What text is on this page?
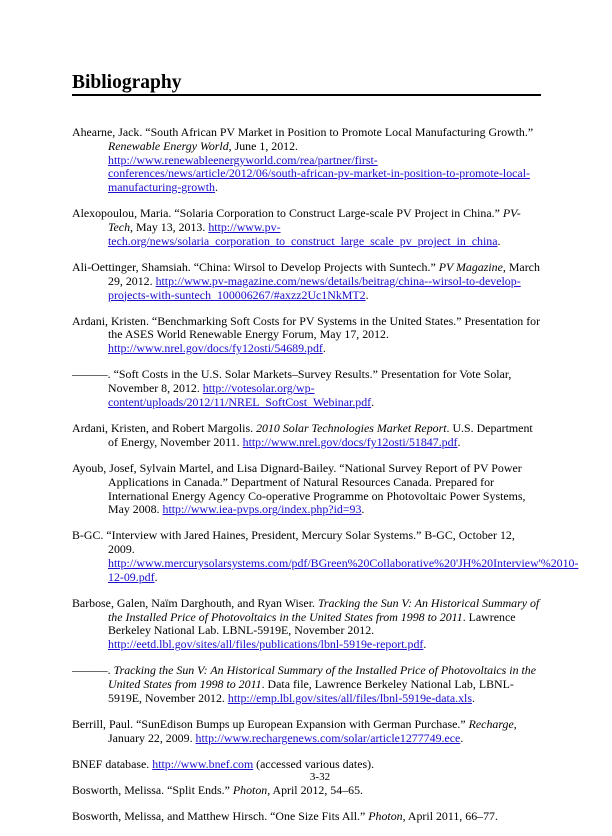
Bibliography

Ahearne, Jack. “South African PV Market in Position to Promote Local Manufacturing Growth.” Renewable Energy World, June 1, 2012. http://www.renewableenergyworld.com/rea/partner/first-conferences/news/article/2012/06/south-african-pv-market-in-position-to-promote-local-manufacturing-growth.

Alexopoulou, Maria. “Solaria Corporation to Construct Large-scale PV Project in China.” PV-Tech, May 13, 2013. http://www.pv-tech.org/news/solaria_corporation_to_construct_large_scale_pv_project_in_china.

Ali-Oettinger, Shamsiah. “China: Wirsol to Develop Projects with Suntech.” PV Magazine, March 29, 2012. http://www.pv-magazine.com/news/details/beitrag/china--wirsol-to-develop-projects-with-suntech_100006267/#axzz2Uc1NkMT2.

Ardani, Kristen. “Benchmarking Soft Costs for PV Systems in the United States.” Presentation for the ASES World Renewable Energy Forum, May 17, 2012. http://www.nrel.gov/docs/fy12osti/54689.pdf.

———. “Soft Costs in the U.S. Solar Markets–Survey Results.” Presentation for Vote Solar, November 8, 2012. http://votesolar.org/wp-content/uploads/2012/11/NREL_SoftCost_Webinar.pdf.

Ardani, Kristen, and Robert Margolis. 2010 Solar Technologies Market Report. U.S. Department of Energy, November 2011. http://www.nrel.gov/docs/fy12osti/51847.pdf.

Ayoub, Josef, Sylvain Martel, and Lisa Dignard-Bailey. “National Survey Report of PV Power Applications in Canada.” Department of Natural Resources Canada. Prepared for International Energy Agency Co-operative Programme on Photovoltaic Power Systems, May 2008. http://www.iea-pvps.org/index.php?id=93.

B-GC. “Interview with Jared Haines, President, Mercury Solar Systems.” B-GC, October 12, 2009. http://www.mercurysolarsystems.com/pdf/BGreen%20Collaborative%20'JH%20Interview'%2010-12-09.pdf.

Barbose, Galen, Naïm Darghouth, and Ryan Wiser. Tracking the Sun V: An Historical Summary of the Installed Price of Photovoltaics in the United States from 1998 to 2011. Lawrence Berkeley National Lab. LBNL-5919E, November 2012. http://eetd.lbl.gov/sites/all/files/publications/lbnl-5919e-report.pdf.

———. Tracking the Sun V: An Historical Summary of the Installed Price of Photovoltaics in the United States from 1998 to 2011. Data file, Lawrence Berkeley National Lab, LBNL-5919E, November 2012. http://emp.lbl.gov/sites/all/files/lbnl-5919e-data.xls.

Berrill, Paul. “SunEdison Bumps up European Expansion with German Purchase.” Recharge, January 22, 2009. http://www.rechargenews.com/solar/article1277749.ece.

BNEF database. http://www.bnef.com (accessed various dates).

Bosworth, Melissa. “Split Ends.” Photon, April 2012, 54–65.

Bosworth, Melissa, and Matthew Hirsch. “One Size Fits All.” Photon, April 2011, 66–77.

3-32
